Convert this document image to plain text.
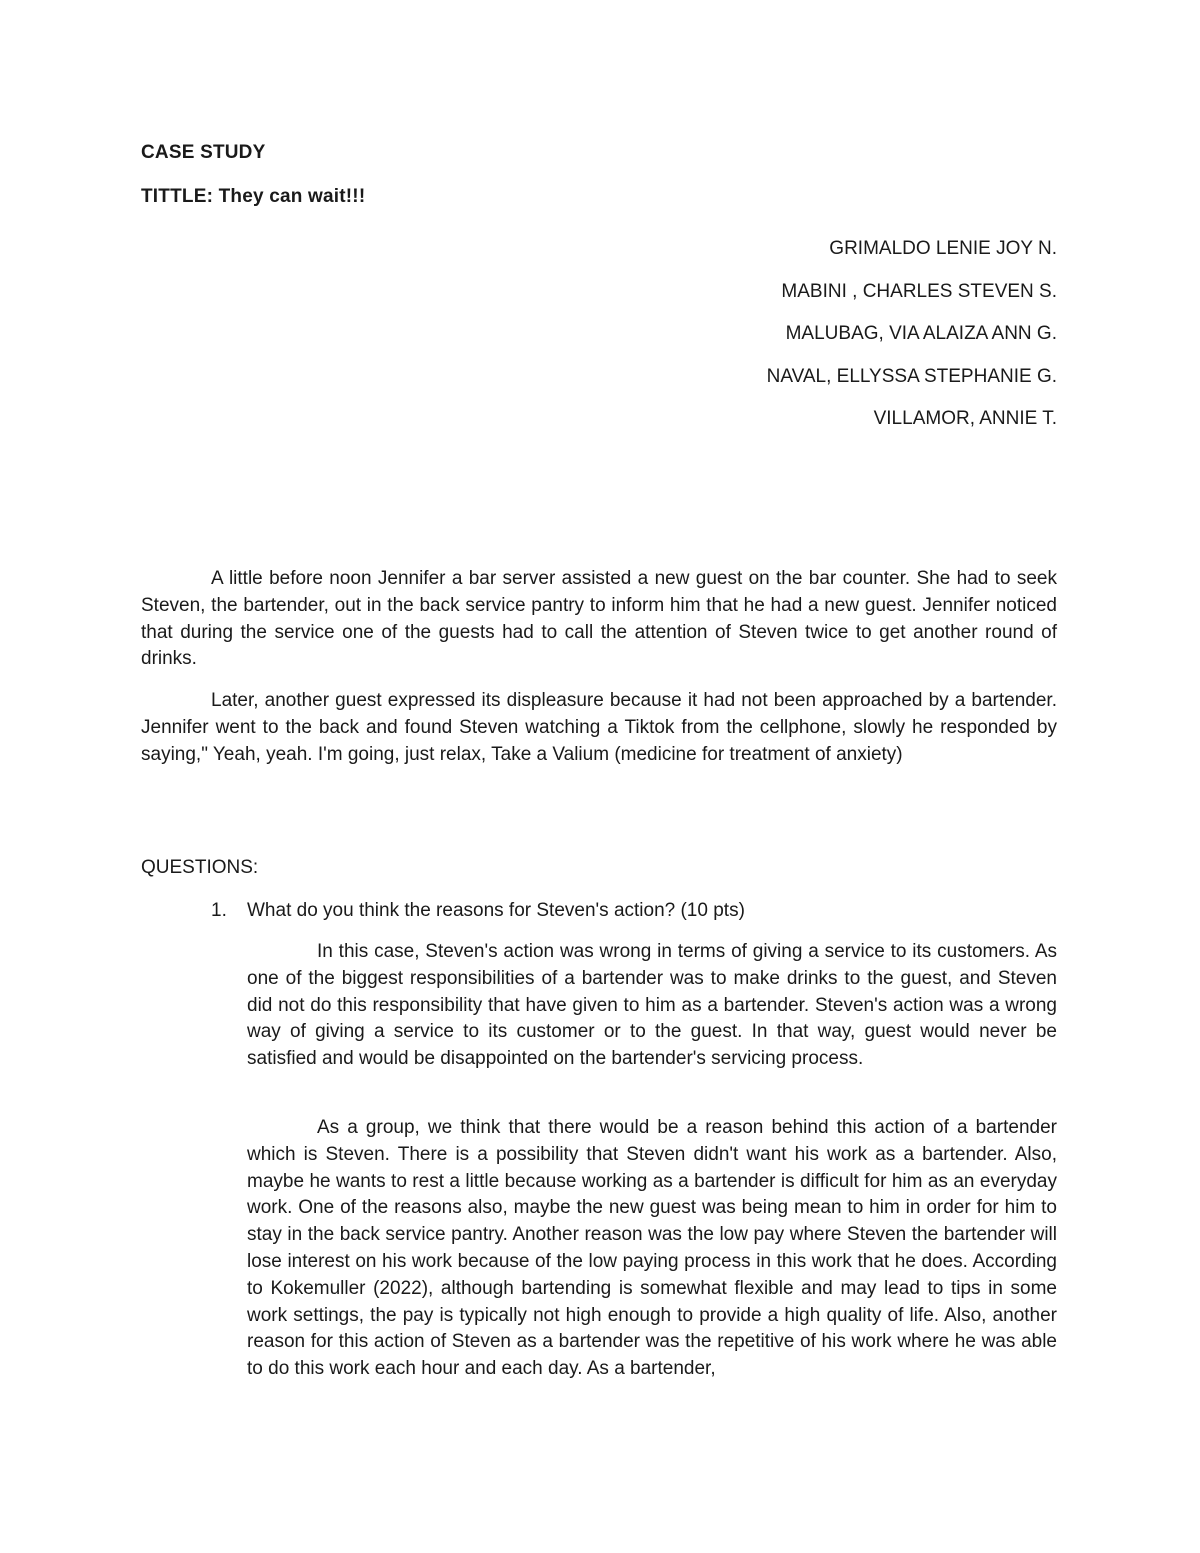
CASE STUDY
TITTLE: They can wait!!!
GRIMALDO LENIE JOY N.
MABINI , CHARLES STEVEN S.
MALUBAG, VIA ALAIZA ANN G.
NAVAL, ELLYSSA STEPHANIE G.
VILLAMOR, ANNIE T.

A little before noon Jennifer a bar server assisted a new guest on the bar counter. She had to seek Steven, the bartender, out in the back service pantry to inform him that he had a new guest. Jennifer noticed that during the service one of the guests had to call the attention of Steven twice to get another round of drinks.

Later, another guest expressed its displeasure because it had not been approached by a bartender. Jennifer went to the back and found Steven watching a Tiktok from the cellphone, slowly he responded by saying," Yeah, yeah. I'm going, just relax, Take a Valium (medicine for treatment of anxiety)

QUESTIONS:
1. What do you think the reasons for Steven's action? (10 pts)

In this case, Steven's action was wrong in terms of giving a service to its customers. As one of the biggest responsibilities of a bartender was to make drinks to the guest, and Steven did not do this responsibility that have given to him as a bartender. Steven's action was a wrong way of giving a service to its customer or to the guest. In that way, guest would never be satisfied and would be disappointed on the bartender's servicing process.

As a group, we think that there would be a reason behind this action of a bartender which is Steven. There is a possibility that Steven didn't want his work as a bartender. Also, maybe he wants to rest a little because working as a bartender is difficult for him as an everyday work. One of the reasons also, maybe the new guest was being mean to him in order for him to stay in the back service pantry. Another reason was the low pay where Steven the bartender will lose interest on his work because of the low paying process in this work that he does. According to Kokemuller (2022), although bartending is somewhat flexible and may lead to tips in some work settings, the pay is typically not high enough to provide a high quality of life. Also, another reason for this action of Steven as a bartender was the repetitive of his work where he was able to do this work each hour and each day. As a bartender,
